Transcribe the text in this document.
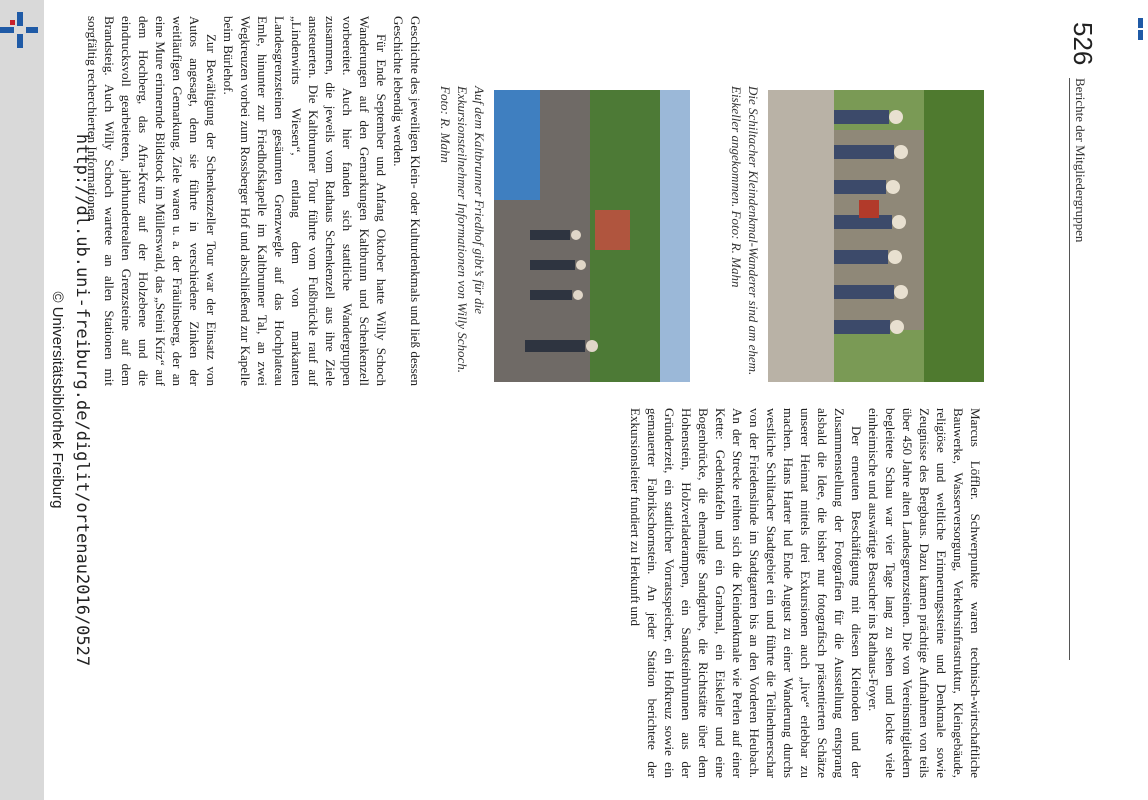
526
Berichte der Mitgliedergruppen
Die Schiltacher Kleindenkmal-Wanderer sind am ehem. Eiskeller angekommen. Foto: R. Mahn
Auf dem Kaltbrunner Friedhof gibt’s für die Exkursionsteilnehmer Informationen von Willy Schoch. Foto: R. Mahn

Marcus Löffler. Schwerpunkte waren technisch-wirtschaftliche Bauwerke, Wasserversorgung, Verkehrsinfrastruktur, Kleingebäude, religiöse und weltliche Erinnerungssteine und Denkmale sowie Zeugnisse des Bergbaus. Dazu kamen prächtige Aufnahmen von teils über 450 Jahre alten Landesgrenzsteinen. Die von Vereinsmitgliedern begleitete Schau war vier Tage lang zu sehen und lockte viele einheimische und auswärtige Besucher ins Rathaus-Foyer.

Der erneuten Beschäftigung mit diesen Kleinoden und der Zusammenstellung der Fotografien für die Ausstellung entsprang alsbald die Idee, die bisher nur fotografisch präsentierten Schätze unserer Heimat mittels drei Exkursionen auch „live“ erlebbar zu machen. Hans Harter lud Ende August zu einer Wanderung durchs westliche Schiltacher Stadtgebiet ein und führte die Teilnehmerschar von der Friedenslinde im Stadtgarten bis an den Vorderen Heubach. An der Strecke reihten sich die Kleindenkmale wie Perlen auf einer Kette: Gedenktafeln und ein Grabmal, ein Eiskeller und eine Bogenbrücke, die ehemalige Sandgrube, die Richtstätte über dem Hohenstein, Holzverladerampen, ein Sandsteinbrunnen aus der Gründerzeit, ein stattlicher Vorratsspeicher, ein Hofkreuz sowie ein gemauerter Fabrikschornstein. An jeder Station berichtete der Exkursionsleiter fundiert zu Herkunft und

Geschichte des jeweiligen Klein- oder Kulturdenkmals und ließ dessen Geschichte lebendig werden.

Für Ende September und Anfang Oktober hatte Willy Schoch Wanderungen auf den Gemarkungen Kaltbrunn und Schenkenzell vorbereitet. Auch hier fanden sich stattliche Wandergruppen zusammen, die jeweils vom Rathaus Schenkenzell aus ihre Ziele ansteuerten. Die Kaltbrunner Tour führte vom Fußbrückle rauf auf „Lindenwirts Wiesen“, entlang dem von markanten Landesgrenzsteinen gesäumten Grenzwegle auf das Hochplateau Emle, hinunter zur Friedhofskapelle im Kaltbrunner Tal, an zwei Wegkreuzen vorbei zum Rossberger Hof und abschließend zur Kapelle beim Bürlehof.

Zur Bewältigung der Schenkenzeller Tour war der Einsatz von Autos angesagt, denn sie führte in verschiedene Zinken der weitläufigen Gemarkung. Ziele waren u. a. der Fräulinsberg, der an eine Mure erinnernde Bildstock im Müllerswald, das „Steini Kriz“ auf dem Hochberg, das Afra-Kreuz auf der Holzebene und die eindrucksvoll gearbeiteten, jahrhundertealten Grenzsteine auf dem Brandsteig. Auch Willy Schoch wartete an allen Stationen mit sorgfältig recherchierten Informationen

http://dl.ub.uni-freiburg.de/diglit/ortenau2016/0527
© Universitätsbibliothek Freiburg
